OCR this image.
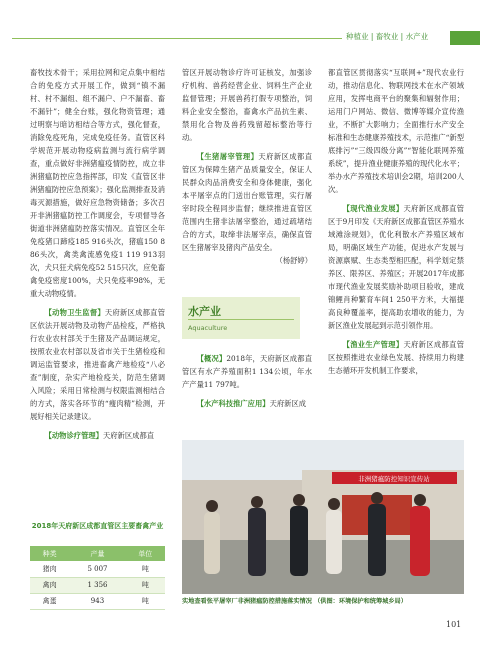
种植业 | 畜牧业 | 水产业

畜牧技术骨干；采用拉网和定点集中相结合的免疫方式开展工作，做到“镇不漏村、村不漏组、组不漏户、户不漏畜、畜不漏针”；健全台账，强化物资管理；通过明察与暗访相结合等方式，强化督查，消除免疫死角，完成免疫任务。直管区科学规范开展动物疫病监测与流行病学调查，重点做好非洲猪瘟疫情防控，成立非洲猪瘟防控应急指挥部，印发《直管区非洲猪瘟防控应急预案》；强化监测排查及消毒灭源措施，做好应急物资储备；多次召开非洲猪瘟防控工作调度会，专项督导各街道非洲猪瘟防控落实情况。直管区全年免疫猪口蹄疫185 916头次，猪瘟150 886头次，禽类禽流感免疫1 119 913羽次，犬只狂犬病免疫52 515只次，应免畜禽免疫密度100%，犬只免疫率98%，无重大动物疫情。

【动物卫生监督】天府新区成都直管区依法开展动物及动物产品检疫，严格执行农业农村部关于生猪及产品调运规定，按照农业农村部以及省市关于生猪检疫和调运监管要求，推进畜禽产地检疫“八必查”制度，杂实产地检疫关，防范生猪调入风险；采用日常检测与权限监测相结合的方式，落实各环节的“瘦肉精”检测，开展好相关记录建议。

【动物诊疗管理】天府新区成都直

2018年天府新区成都直管区主要畜禽产业
种类	产量	单位
猪肉	5 007	吨
禽肉	1 356	吨
禽蛋	943	吨

管区开展动物诊疗许可证核发，加强诊疗机构、兽药经营企业、饲料生产企业监督管理；开展兽药打假专项整治，饲料企业安全整治，畜禽水产品抗生素、禁用化合物及兽药残留超标整治等行动。

【生猪屠宰管理】天府新区成都直管区为保障生猪产品质量安全，保证人民群众肉品消费安全和身体健康，强化本平屠宰点的门送出台账管理，实行屠宰时段全程同步监督；继续推进直管区范围内生猪非法屠宰整治，通过疏堵结合的方式，取缔非法屠宰点，确保直管区生猪屠宰及猪肉产品安全。

（杨舒婷）

水产业
Aquaculture

【概况】2018年，天府新区成都直管区有水产养殖面积1 134公顷，年水产产量11 797吨。

【水产科技推广应用】天府新区成

都直管区贯彻落实“互联网+”现代农业行动，推动信息化、物联网技术在水产领域应用，发挥电商平台的聚集和辐射作用；运用门户网站、微信、微博等媒介宣传渔业，不断扩大影响力；全面推行水产安全标准和生态健康养殖技术，示范推广“新型底排污”“三级四级分离”“智能化联网养殖系统”，提升渔业健康养殖的现代化水平；举办水产养殖技术培训会2期，培训200人次。

【现代渔业发展】天府新区成都直管区于9月印发《天府新区成都直管区养殖水域滩涂规划》，优化利散水产养殖区域布局，明确区域生产功能，促进水产发展与资源禀赋、生态类型相匹配，科学划定禁养区、限养区、养殖区；开展2017年成都市现代渔业发展奖励补助项目验收，建成锦鲤肖种繁育车间1 250平方米，大福提高良种覆盖率，提高助农增收的能力，为新区渔业发展起到示范引领作用。

【渔业生产管理】天府新区成都直管区按照推进农业绿色发展、持续用力构建生态循环开发机制工作要求，

非洲猪瘟防控知识宣传站
实地查看张平屠宰厂非洲猪瘟防控措施落实情况 （供图：环境保护和统筹城乡局）
101
